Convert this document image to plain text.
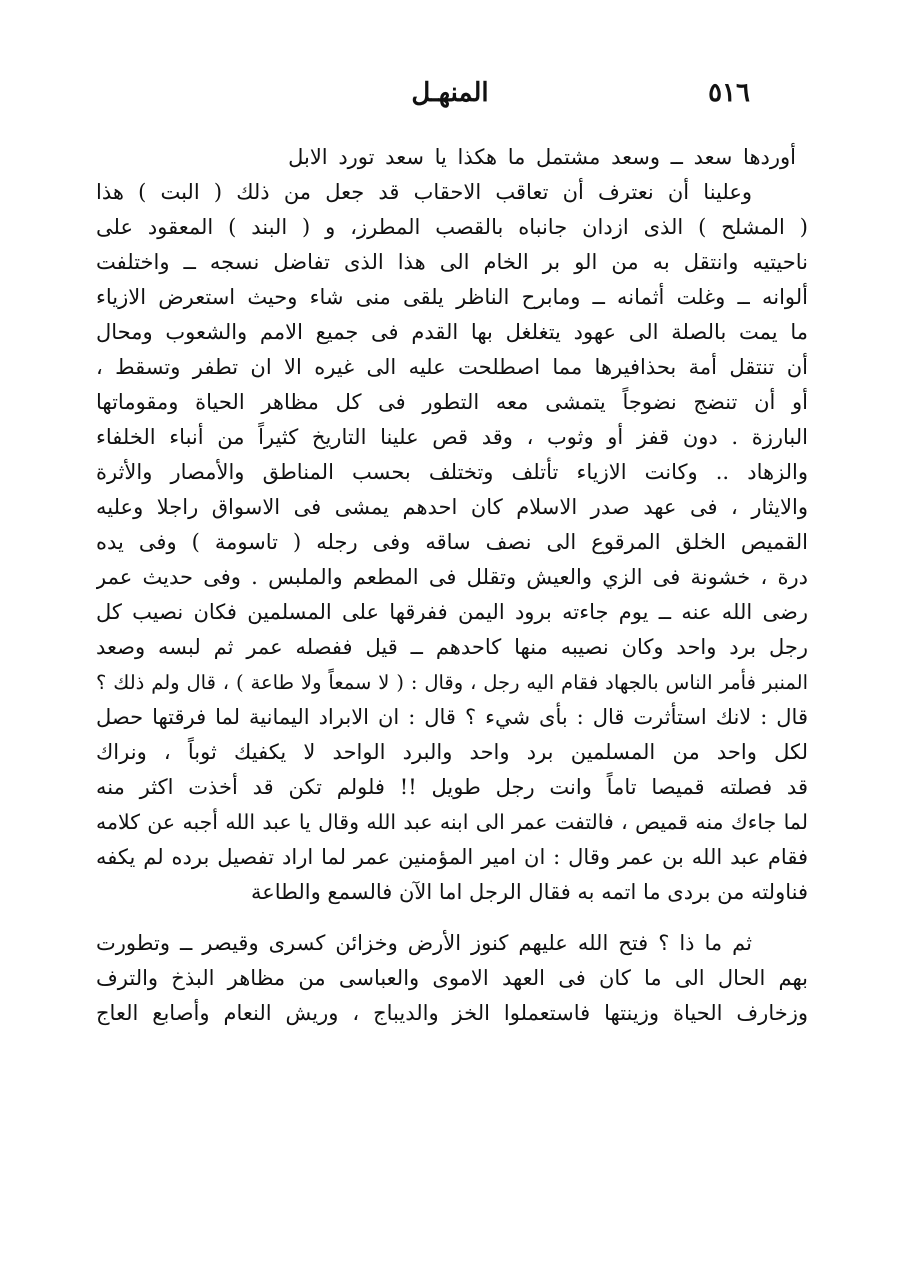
٥١٦
المنهـل
أوردها سعد ــ وسعد مشتمل ما هكذا يا سعد تورد الابل
وعلينا أن نعترف أن تعاقب الاحقاب قد جعل من ذلك ( البت ) هذا
( المشلح ) الذى ازدان جانباه بالقصب المطرز، و ( البند ) المعقود على
ناحيتيه وانتقل به من الو بر الخام الى هذا الذى تفاضل نسجه ــ واختلفت
ألوانه ــ وغلت أثمانه ــ ومابرح الناظر يلقى منى شاء وحيث استعرض الازياء
ما يمت بالصلة الى عهود يتغلغل بها القدم فى جميع الامم والشعوب ومحال
أن تنتقل أمة بحذافيرها مما اصطلحت عليه الى غيره الا ان تطفر وتسقط ،
أو أن تنضج نضوجاً يتمشى معه التطور فى كل مظاهر الحياة ومقوماتها
البارزة . دون قفز أو وثوب ، وقد قص علينا التاريخ كثيراً من أنباء الخلفاء
والزهاد .. وكانت الازياء تأتلف وتختلف بحسب المناطق والأمصار والأثرة
والايثار ، فى عهد صدر الاسلام كان احدهم يمشى فى الاسواق راجلا وعليه
القميص الخلق المرقوع الى نصف ساقه وفى رجله ( تاسومة ) وفى يده
درة ، خشونة فى الزي والعيش وتقلل فى المطعم والملبس . وفى حديث عمر
رضى الله عنه ــ يوم جاءته برود اليمن ففرقها على المسلمين فكان نصيب كل
رجل برد واحد وكان نصيبه منها كاحدهم ــ قيل ففصله عمر ثم لبسه وصعد
المنبر فأمر الناس بالجهاد فقام اليه رجل ، وقال : ( لا سمعاً ولا طاعة ) ، قال ولم ذلك ؟
قال : لانك استأثرت قال : بأى شيء ؟ قال : ان الابراد اليمانية لما فرقتها حصل
لكل واحد من المسلمين برد واحد والبرد الواحد لا يكفيك ثوباً ، ونراك
قد فصلته قميصا تاماً وانت رجل طويل !! فلولم تكن قد أخذت اكثر منه
لما جاءك منه قميص ، فالتفت عمر الى ابنه عبد الله وقال يا عبد الله أجبه عن كلامه
فقام عبد الله بن عمر وقال : ان امير المؤمنين عمر لما اراد تفصيل برده لم يكفه
فناولته من بردى ما اتمه به فقال الرجل اما الآن فالسمع والطاعة
ثم ما ذا ؟ فتح الله عليهم كنوز الأرض وخزائن كسرى وقيصر ــ وتطورت
بهم الحال الى ما كان فى العهد الاموى والعباسى من مظاهر البذخ والترف
وزخارف الحياة وزينتها فاستعملوا الخز والديباج ، وريش النعام وأصابع العاج
